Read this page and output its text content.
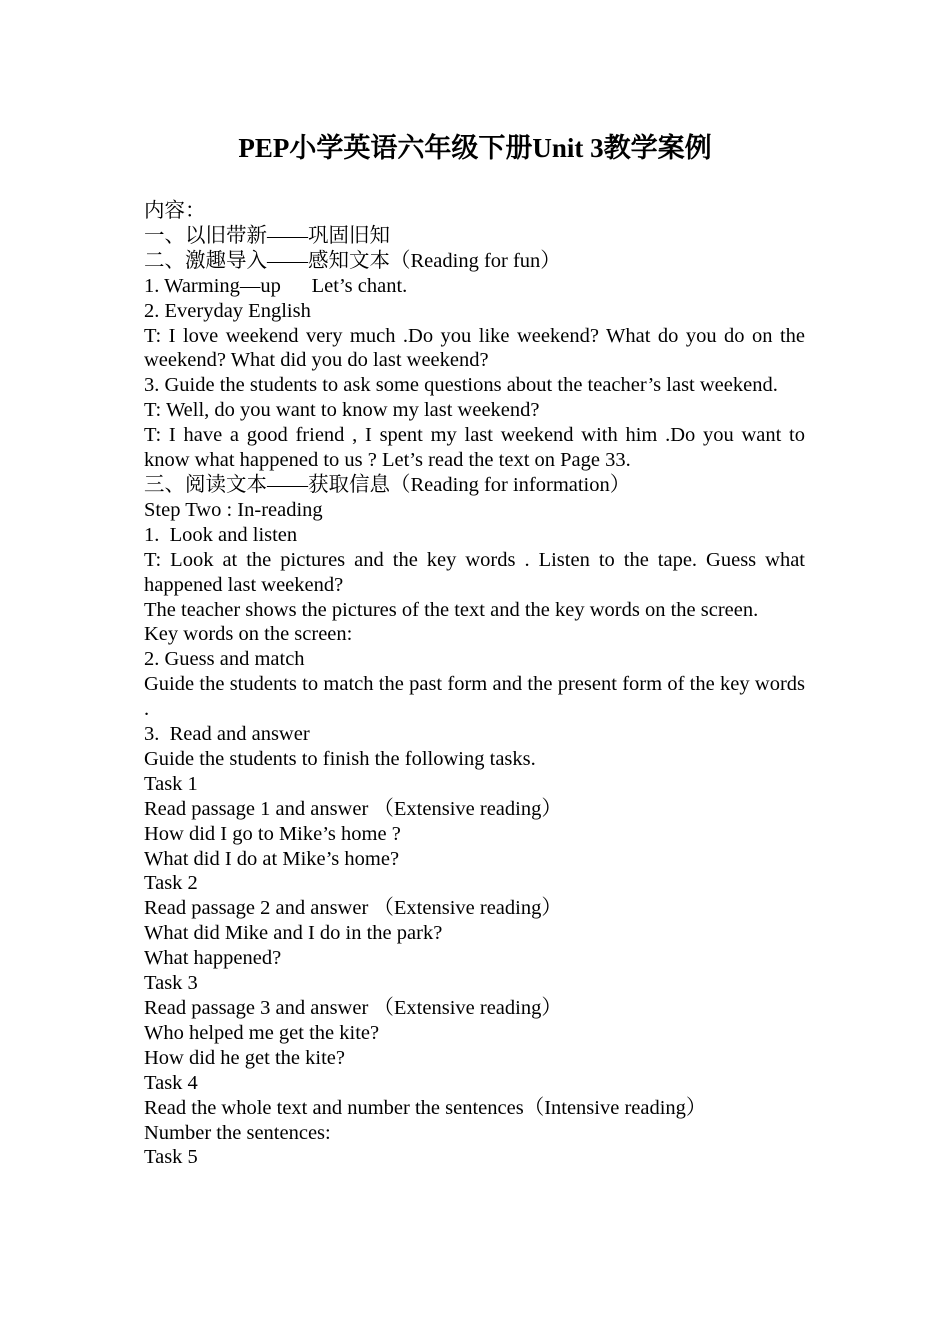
PEP小学英语六年级下册Unit 3教学案例
内容：
一、以旧带新——巩固旧知
二、激趣导入——感知文本（Reading for fun）
1. Warming—up      Let’s chant.
2. Everyday English
T: I love weekend very much .Do you like weekend? What do you do on the weekend? What did you do last weekend?
3. Guide the students to ask some questions about the teacher’s last weekend.
T: Well, do you want to know my last weekend?
T: I have a good friend , I spent my last weekend with him .Do you want to know what happened to us ? Let’s read the text on Page 33.
三、阅读文本——获取信息（Reading for information）
Step Two : In-reading
1.  Look and listen
T: Look at the pictures and the key words . Listen to the tape. Guess what happened last weekend?
The teacher shows the pictures of the text and the key words on the screen.
Key words on the screen:
2. Guess and match
Guide the students to match the past form and the present form of the key words .
3.  Read and answer
Guide the students to finish the following tasks.
Task 1
Read passage 1 and answer （Extensive reading）
How did I go to Mike’s home ?
What did I do at Mike’s home?
Task 2
Read passage 2 and answer （Extensive reading）
What did Mike and I do in the park?
What happened?
Task 3
Read passage 3 and answer （Extensive reading）
Who helped me get the kite?
How did he get the kite?
Task 4
Read the whole text and number the sentences（Intensive reading）
Number the sentences:
Task 5
